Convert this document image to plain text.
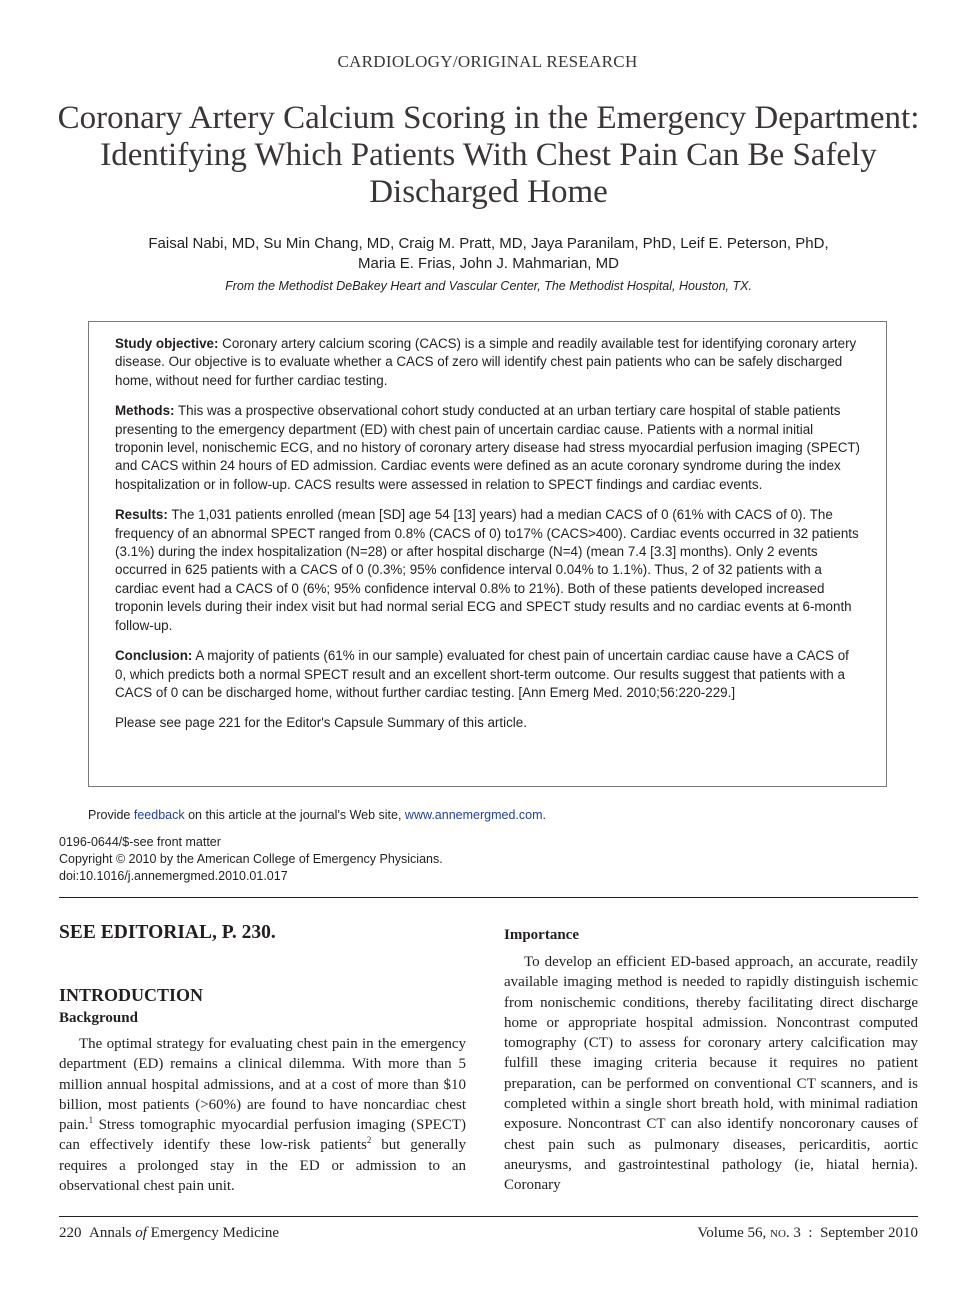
CARDIOLOGY/ORIGINAL RESEARCH
Coronary Artery Calcium Scoring in the Emergency Department:
Identifying Which Patients With Chest Pain Can Be Safely
Discharged Home
Faisal Nabi, MD, Su Min Chang, MD, Craig M. Pratt, MD, Jaya Paranilam, PhD, Leif E. Peterson, PhD,
Maria E. Frias, John J. Mahmarian, MD
From the Methodist DeBakey Heart and Vascular Center, The Methodist Hospital, Houston, TX.

Study objective: Coronary artery calcium scoring (CACS) is a simple and readily available test for identifying coronary artery disease. Our objective is to evaluate whether a CACS of zero will identify chest pain patients who can be safely discharged home, without need for further cardiac testing.

Methods: This was a prospective observational cohort study conducted at an urban tertiary care hospital of stable patients presenting to the emergency department (ED) with chest pain of uncertain cardiac cause. Patients with a normal initial troponin level, nonischemic ECG, and no history of coronary artery disease had stress myocardial perfusion imaging (SPECT) and CACS within 24 hours of ED admission. Cardiac events were defined as an acute coronary syndrome during the index hospitalization or in follow-up. CACS results were assessed in relation to SPECT findings and cardiac events.

Results: The 1,031 patients enrolled (mean [SD] age 54 [13] years) had a median CACS of 0 (61% with CACS of 0). The frequency of an abnormal SPECT ranged from 0.8% (CACS of 0) to17% (CACS>400). Cardiac events occurred in 32 patients (3.1%) during the index hospitalization (N=28) or after hospital discharge (N=4) (mean 7.4 [3.3] months). Only 2 events occurred in 625 patients with a CACS of 0 (0.3%; 95% confidence interval 0.04% to 1.1%). Thus, 2 of 32 patients with a cardiac event had a CACS of 0 (6%; 95% confidence interval 0.8% to 21%). Both of these patients developed increased troponin levels during their index visit but had normal serial ECG and SPECT study results and no cardiac events at 6-month follow-up.

Conclusion: A majority of patients (61% in our sample) evaluated for chest pain of uncertain cardiac cause have a CACS of 0, which predicts both a normal SPECT result and an excellent short-term outcome. Our results suggest that patients with a CACS of 0 can be discharged home, without further cardiac testing. [Ann Emerg Med. 2010;56:220-229.]

Please see page 221 for the Editor's Capsule Summary of this article.

Provide feedback on this article at the journal's Web site, www.annemergmed.com.
0196-0644/$-see front matter
Copyright © 2010 by the American College of Emergency Physicians.
doi:10.1016/j.annemergmed.2010.01.017
SEE EDITORIAL, P. 230.
INTRODUCTION
Background

The optimal strategy for evaluating chest pain in the emergency department (ED) remains a clinical dilemma. With more than 5 million annual hospital admissions, and at a cost of more than $10 billion, most patients (>60%) are found to have noncardiac chest pain.$^1$ Stress tomographic myocardial perfusion imaging (SPECT) can effectively identify these low-risk patients$^2$ but generally requires a prolonged stay in the ED or admission to an observational chest pain unit.

Importance

To develop an efficient ED-based approach, an accurate, readily available imaging method is needed to rapidly distinguish ischemic from nonischemic conditions, thereby facilitating direct discharge home or appropriate hospital admission. Noncontrast computed tomography (CT) to assess for coronary artery calcification may fulfill these imaging criteria because it requires no patient preparation, can be performed on conventional CT scanners, and is completed within a single short breath hold, with minimal radiation exposure. Noncontrast CT can also identify noncoronary causes of chest pain such as pulmonary diseases, pericarditis, aortic aneurysms, and gastrointestinal pathology (ie, hiatal hernia). Coronary

220 Annals of Emergency Medicine	Volume 56, no. 3 : September 2010
